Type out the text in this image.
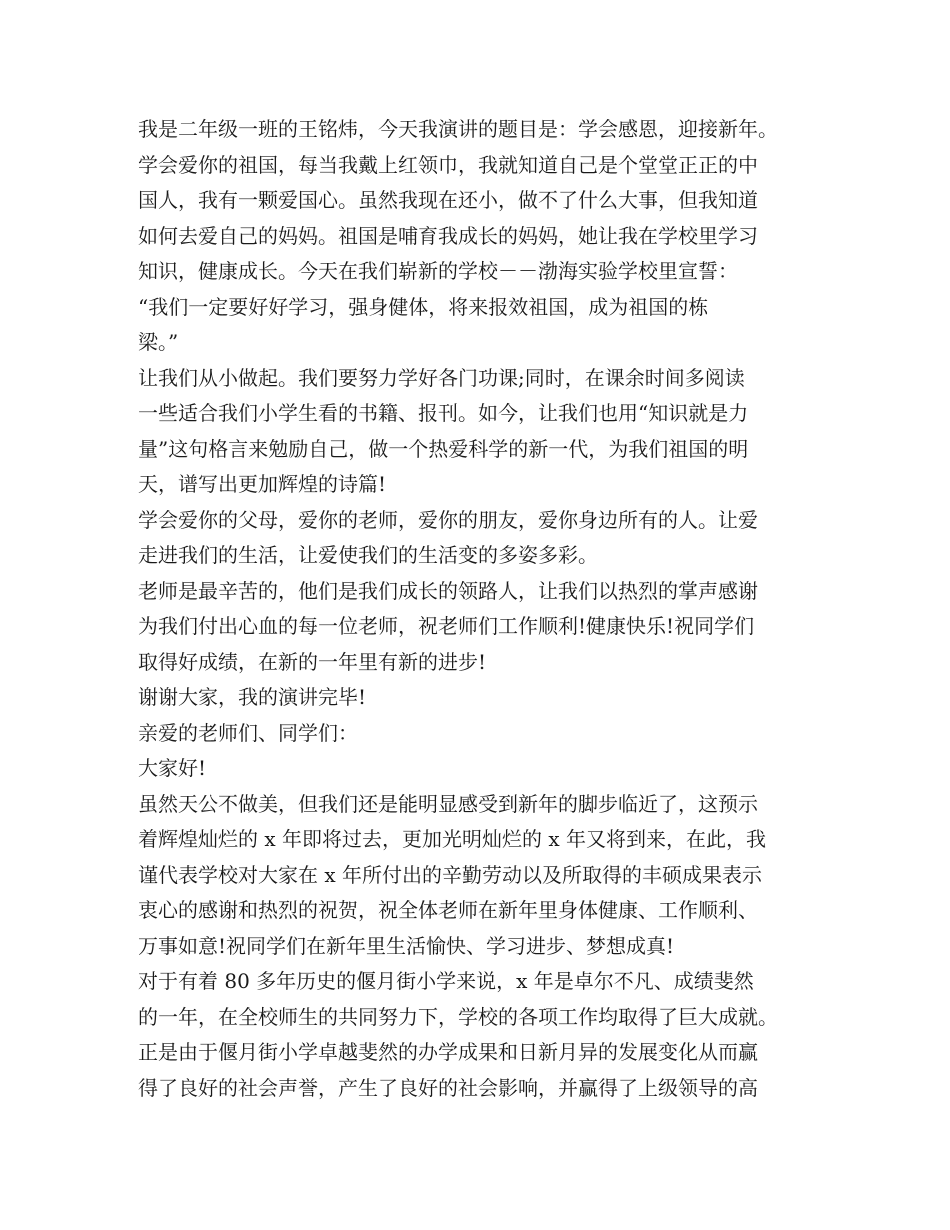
我是二年级一班的王铭炜，今天我演讲的题目是：学会感恩，迎接新年。
学会爱你的祖国，每当我戴上红领巾，我就知道自己是个堂堂正正的中
国人，我有一颗爱国心。虽然我现在还小，做不了什么大事，但我知道
如何去爱自己的妈妈。祖国是哺育我成长的妈妈，她让我在学校里学习
知识，健康成长。今天在我们崭新的学校－－渤海实验学校里宣誓：
“我们一定要好好学习，强身健体，将来报效祖国，成为祖国的栋
梁。”
让我们从小做起。我们要努力学好各门功课;同时，在课余时间多阅读
一些适合我们小学生看的书籍、报刊。如今，让我们也用“知识就是力
量”这句格言来勉励自己，做一个热爱科学的新一代，为我们祖国的明
天，谱写出更加辉煌的诗篇!
学会爱你的父母，爱你的老师，爱你的朋友，爱你身边所有的人。让爱
走进我们的生活，让爱使我们的生活变的多姿多彩。
老师是最辛苦的，他们是我们成长的领路人，让我们以热烈的掌声感谢
为我们付出心血的每一位老师，祝老师们工作顺利!健康快乐!祝同学们
取得好成绩，在新的一年里有新的进步!
谢谢大家，我的演讲完毕!
亲爱的老师们、同学们：
大家好!
虽然天公不做美，但我们还是能明显感受到新年的脚步临近了，这预示
着辉煌灿烂的 x 年即将过去，更加光明灿烂的 x 年又将到来，在此，我
谨代表学校对大家在 x 年所付出的辛勤劳动以及所取得的丰硕成果表示
衷心的感谢和热烈的祝贺，祝全体老师在新年里身体健康、工作顺利、
万事如意!祝同学们在新年里生活愉快、学习进步、梦想成真!
对于有着 80 多年历史的偃月街小学来说，x 年是卓尔不凡、成绩斐然
的一年，在全校师生的共同努力下，学校的各项工作均取得了巨大成就。
正是由于偃月街小学卓越斐然的办学成果和日新月异的发展变化从而赢
得了良好的社会声誉，产生了良好的社会影响，并赢得了上级领导的高
